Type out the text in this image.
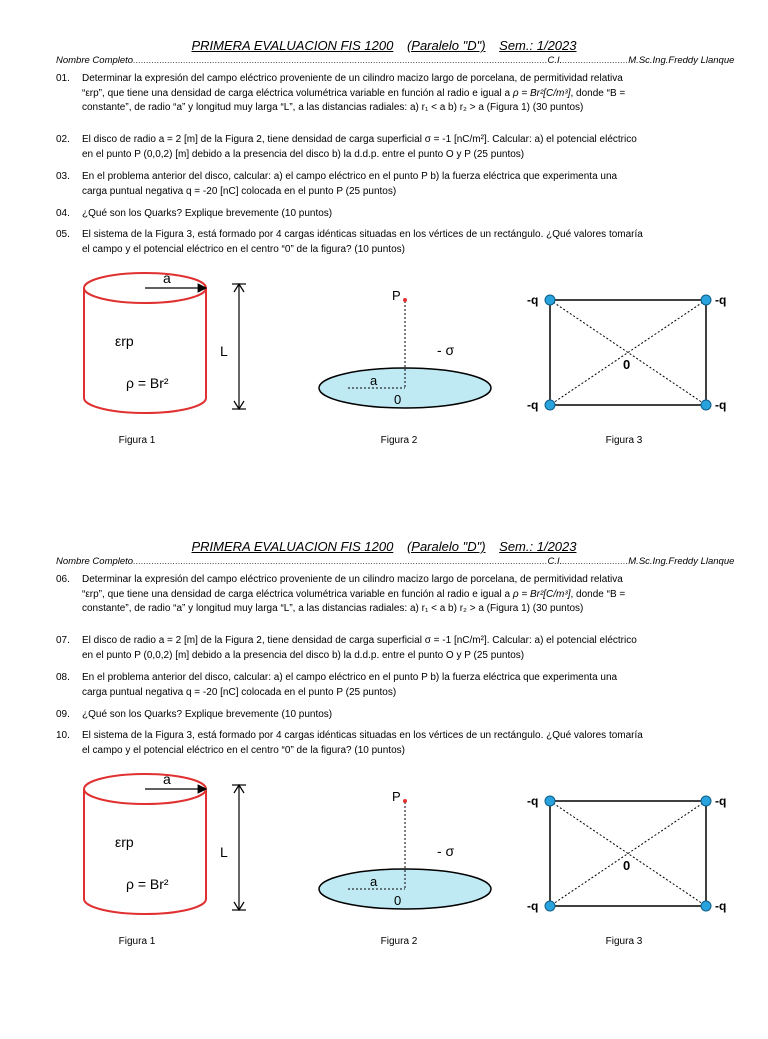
PRIMERA EVALUACION FIS 1200 (Paralelo "D") Sem.: 1/2023
Nombre Completo.............................................................................................................................................................C.I..........................M.Sc.Ing.Freddy Llanque
01.	Determinar la expresión del campo eléctrico proveniente de un cilindro macizo largo de porcelana, de permitividad relativa
“εrp”, que tiene una densidad de carga eléctrica volumétrica variable en función al radio e igual a ρ = Br²[C/m³], donde “B =
constante”, de radio “a” y longitud muy larga “L”, a las distancias radiales: a) r₁ < a b) r₂ > a (Figura 1) (30 puntos)
02.	El disco de radio a = 2 [m] de la Figura 2, tiene densidad de carga superficial σ = -1 [nC/m²]. Calcular: a) el potencial eléctrico
en el punto P (0,0,2) [m] debido a la presencia del disco b) la d.d.p. entre el punto O y P (25 puntos)
03.	En el problema anterior del disco, calcular: a) el campo eléctrico en el punto P b) la fuerza eléctrica que experimenta una
carga puntual negativa q = -20 [nC] colocada en el punto P (25 puntos)
04.	¿Qué son los Quarks? Explique brevemente (10 puntos)
05.	El sistema de la Figura 3, está formado por 4 cargas idénticas situadas en los vértices de un rectángulo. ¿Qué valores tomaría
el campo y el potencial eléctrico en el centro “0” de la figura? (10 puntos)
a
εrp
ρ = Br²
L
P
a
0
- σ
-q	-q
-q	-q
0
Figura 1	Figura 2	Figura 3
PRIMERA EVALUACION FIS 1200 (Paralelo "D") Sem.: 1/2023
Nombre Completo.............................................................................................................................................................C.I..........................M.Sc.Ing.Freddy Llanque
06.	Determinar la expresión del campo eléctrico proveniente de un cilindro macizo largo de porcelana, de permitividad relativa
“εrp”, que tiene una densidad de carga eléctrica volumétrica variable en función al radio e igual a ρ = Br²[C/m³], donde “B =
constante”, de radio “a” y longitud muy larga “L”, a las distancias radiales: a) r₁ < a b) r₂ > a (Figura 1) (30 puntos)
07.	El disco de radio a = 2 [m] de la Figura 2, tiene densidad de carga superficial σ = -1 [nC/m²]. Calcular: a) el potencial eléctrico
en el punto P (0,0,2) [m] debido a la presencia del disco b) la d.d.p. entre el punto O y P (25 puntos)
08.	En el problema anterior del disco, calcular: a) el campo eléctrico en el punto P b) la fuerza eléctrica que experimenta una
carga puntual negativa q = -20 [nC] colocada en el punto P (25 puntos)
09.	¿Qué son los Quarks? Explique brevemente (10 puntos)
10.	El sistema de la Figura 3, está formado por 4 cargas idénticas situadas en los vértices de un rectángulo. ¿Qué valores tomaría
el campo y el potencial eléctrico en el centro “0” de la figura? (10 puntos)
a
εrp
ρ = Br²
L
P
a
0
- σ
-q	-q
-q	-q
0
Figura 1	Figura 2	Figura 3
